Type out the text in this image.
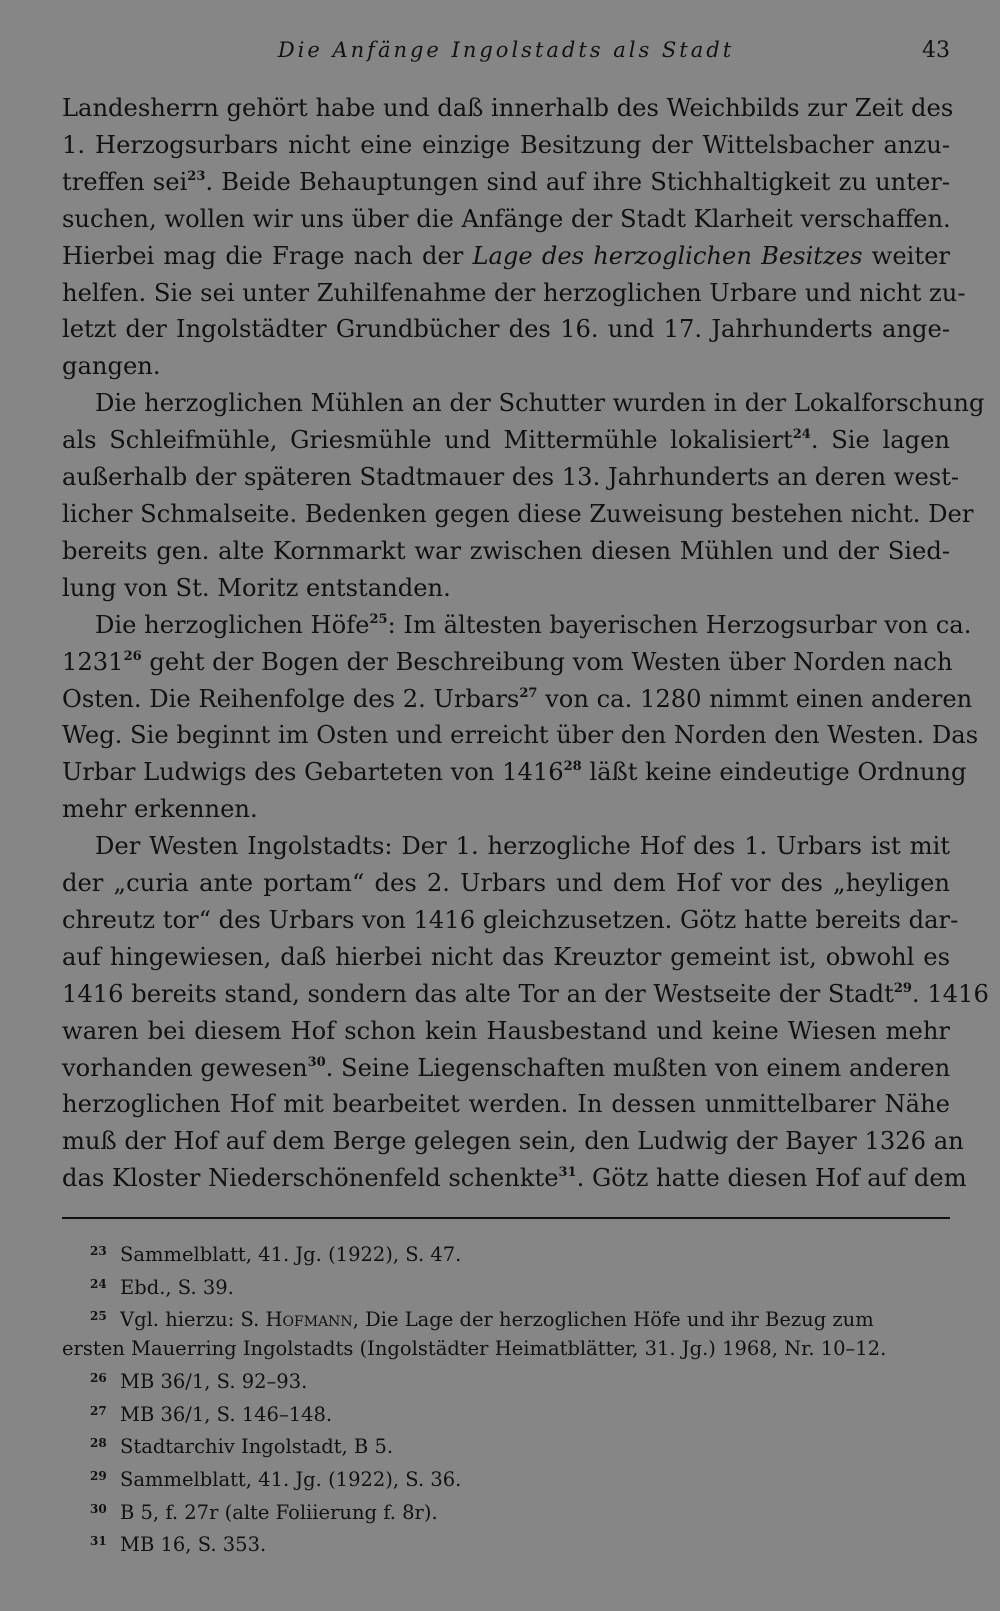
Die Anfänge Ingolstadts als Stadt	43

Landesherrn gehört habe und daß innerhalb des Weichbilds zur Zeit des
1. Herzogsurbars nicht eine einzige Besitzung der Wittelsbacher anzu-
treffen sei$^{23}$. Beide Behauptungen sind auf ihre Stichhaltigkeit zu unter-
suchen, wollen wir uns über die Anfänge der Stadt Klarheit verschaffen.
Hierbei mag die Frage nach der Lage des herzoglichen Besitzes weiter
helfen. Sie sei unter Zuhilfenahme der herzoglichen Urbare und nicht zu-
letzt der Ingolstädter Grundbücher des 16. und 17. Jahrhunderts ange-
gangen.

Die herzoglichen Mühlen an der Schutter wurden in der Lokalforschung
als Schleifmühle, Griesmühle und Mittermühle lokalisiert$^{24}$. Sie lagen
außerhalb der späteren Stadtmauer des 13. Jahrhunderts an deren west-
licher Schmalseite. Bedenken gegen diese Zuweisung bestehen nicht. Der
bereits gen. alte Kornmarkt war zwischen diesen Mühlen und der Sied-
lung von St. Moritz entstanden.

Die herzoglichen Höfe$^{25}$: Im ältesten bayerischen Herzogsurbar von ca.
1231$^{26}$ geht der Bogen der Beschreibung vom Westen über Norden nach
Osten. Die Reihenfolge des 2. Urbars$^{27}$ von ca. 1280 nimmt einen anderen
Weg. Sie beginnt im Osten und erreicht über den Norden den Westen. Das
Urbar Ludwigs des Gebarteten von 1416$^{28}$ läßt keine eindeutige Ordnung
mehr erkennen.

Der Westen Ingolstadts: Der 1. herzogliche Hof des 1. Urbars ist mit
der „curia ante portam“ des 2. Urbars und dem Hof vor des „heyligen
chreutz tor“ des Urbars von 1416 gleichzusetzen. Götz hatte bereits dar-
auf hingewiesen, daß hierbei nicht das Kreuztor gemeint ist, obwohl es
1416 bereits stand, sondern das alte Tor an der Westseite der Stadt$^{29}$. 1416
waren bei diesem Hof schon kein Hausbestand und keine Wiesen mehr
vorhanden gewesen$^{30}$. Seine Liegenschaften mußten von einem anderen
herzoglichen Hof mit bearbeitet werden. In dessen unmittelbarer Nähe
muß der Hof auf dem Berge gelegen sein, den Ludwig der Bayer 1326 an
das Kloster Niederschönenfeld schenkte$^{31}$. Götz hatte diesen Hof auf dem

23 Sammelblatt, 41. Jg. (1922), S. 47.
24 Ebd., S. 39.
25 Vgl. hierzu: S. Hofmann, Die Lage der herzoglichen Höfe und ihr Bezug zum
ersten Mauerring Ingolstadts (Ingolstädter Heimatblätter, 31. Jg.) 1968, Nr. 10–12.
26 MB 36/1, S. 92–93.
27 MB 36/1, S. 146–148.
28 Stadtarchiv Ingolstadt, B 5.
29 Sammelblatt, 41. Jg. (1922), S. 36.
30 B 5, f. 27r (alte Foliierung f. 8r).
31 MB 16, S. 353.
